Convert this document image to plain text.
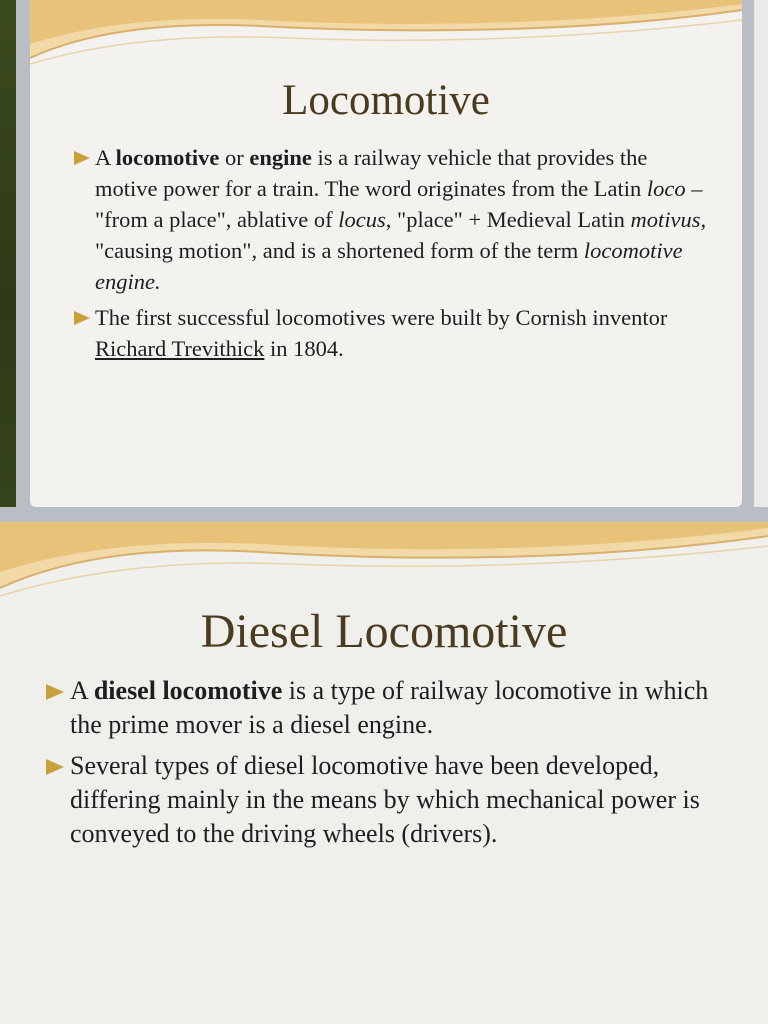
Locomotive
A locomotive or engine is a railway vehicle that provides the motive power for a train. The word originates from the Latin loco – "from a place", ablative of locus, "place" + Medieval Latin motivus, "causing motion", and is a shortened form of the term locomotive engine.
The first successful locomotives were built by Cornish inventor Richard Trevithick in 1804.
Diesel Locomotive
A diesel locomotive is a type of railway locomotive in which the prime mover is a diesel engine.
Several types of diesel locomotive have been developed, differing mainly in the means by which mechanical power is conveyed to the driving wheels (drivers).
